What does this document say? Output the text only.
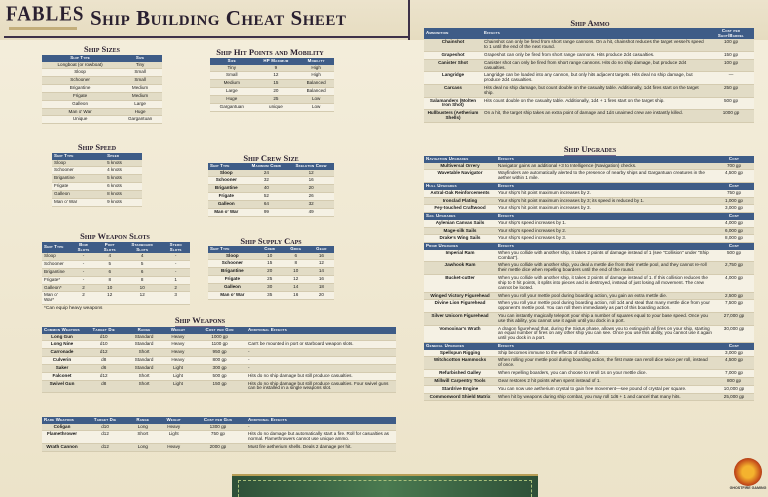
FABLES Ship Building Cheat Sheet
Ship Sizes
Ship Type	Size
Longboat (or rowboat)	Tiny
Sloop	Small
Schooner	Small
Brigantine	Medium
Frigate	Medium
Galleon	Large
Man o' War	Huge
Unique	Gargantuan
Ship Hit Points and Mobility
Size	HP Maximum	Mobility
Tiny	9	High
Small	12	High
Medium	15	Balanced
Large	20	Balanced
Huge	25	Low
Gargantuan	unique	Low
Ship Speed
Ship Type	Speed
Sloop	5 knots
Schooner	4 knots
Brigantine	5 knots
Frigate	6 knots
Galleon	8 knots
Man o' War	9 knots
Ship Crew Size
Ship Type	Maximum Crew	Skeleton Crew
Sloop	24	12
Schooner	32	16
Brigantine	40	20
Frigate	52	26
Galleon	64	32
Man o' War	99	49
Ship Weapon Slots
Ship Type	Bow Slots	Port Slots	Starboard Slots	Stern Slots
Sloop	-	4	4	-
Schooner	-	5	5	-
Brigantine	-	6	6	-
Frigate*	-	8	8	1
Galleon*	2	10	10	2
Man o' War*	2	12	12	3
*Can equip heavy weapons
Ship Supply Caps
Ship Type	Crew	Grog	Gear
Sloop	10	6	16
Schooner	15	8	12
Brigantine	20	10	14
Frigate	25	12	16
Galleon	30	14	18
Man o' War	35	16	20
Ship Weapons
Common Weapons	Target Die	Range	Weight	Cost per Gun	Additional Effects
Long Gun	d10	Standard	Heavy	1000 gp	
Long Nine	d10	Standard	Heavy	1100 gp	Can't be mounted in port or starboard weapon slots.
Carronade	d12	Short	Heavy	950 gp	-
Culverin	d8	Standard	Heavy	800 gp	-
Saker	d6	Standard	Light	300 gp	-
Falconet	d12	Short	Light	500 gp	Hits do no ship damage but still produce casualties.
Swivel Gun	d8	Short	Light	150 gp	Hits do no ship damage but still produce casualties. Four swivel guns can be installed in a single weapons slot.
Rare Weapons	Target Die	Range	Weight	Cost per Gun	Additional Effects
Coligan	d10	Long	Heavy	1300 gp	-
Flamethrower	d12	Short	Light	750 gp	Hits do no damage but automatically start a fire. Roll for casualties as normal. Flamethrowers cannot use unique ammo.
Wrath Cannon	d12	Long	Heavy	2000 gp	Must fire aetherium shells. Deals 2 damage per hit.
Ship Ammo
Ammunition	Effects	Cost per Shot/Barrel
Chainshot	Chainshot can only be fired from short range cannons. On a hit, chainshot reduces the target vessel's speed to 1 until the end of the next round.	100 gp
Grapeshot	Grapeshot can only be fired from short range cannons. Hits produce 2d4 casualties.	150 gp
Canister Shot	Canister shot can only be fired from short range cannons. Hits do no ship damage, but produce 2d4 casualties.	100 gp
Langridge	Langridge can be loaded into any cannon, but only hits adjacent targets. Hits deal no ship damage, but produce 2d4 casualties.	—
Carcass	Hits deal no ship damage, but count double on the casualty table. Additionally, 1d4 fires start on the target ship.	250 gp
Salamanders (Molten Iron Shot)	Hits count double on the casualty table. Additionally, 1d4 + 1 fires start on the target ship.	500 gp
Hullbusters (Aetherium Shells)	On a hit, the target ship takes an extra point of damage and 1d4 unaimed crew are instantly killed.	1000 gp
Ship Upgrades
Navigation Upgrades	Effects	Cost
Multiversal Orrery	Navigator gains an additional +3 to Intelligence (Navigation) checks.	700 gp
Wavetable Navigator	Wayfinders are automatically alerted to the presence of nearby ships and Gargantuan creatures in the aether within 1 mile.	4,500 gp
Hull Upgrades	Effects	Cost
Astral-Oak Reinforcements	Your ship's hit point maximum increases by 2.	750 gp
Ironclad Plating	Your ship's hit point maximum increases by 3; its speed is reduced by 1.	1,000 gp
Fey-touched Craftwood	Your ship's hit point maximum increases by 3.	3,000 gp
Sail Upgrades	Effects	Cost
Aylenian Canvas Sails	Your ship's speed increases by 1.	4,000 gp
Mage-silk Sails	Your ship's speed increases by 2.	6,000 gp
Drake's Wing Sails	Your ship's speed increases by 3.	8,000 gp
Prow Upgrades	Effects	Cost
Imperial Ram	When you collide with another ship, it takes 2 points of damage instead of 1 (see "Collision" under "Ship Combat").	500 gp
Jawhook Ram	When you collide with another ship, you deal a mettle die from their mettle pool, and they cannot re-roll their mettle dice when repelling boarders until the end of the round.	2,750 gp
Bucket-cutter	When you collide with another ship, it takes 2 points of damage instead of 1. If this collision reduces the ship to 0 hit points, it splits into pieces and is destroyed, instead of just losing all movement. The crew cannot be looted.	4,000 gp
Winged Victory Figurehead	When you roll your mettle pool during boarding action, you gain an extra mettle die.	2,500 gp
Divine Lion Figurehead	When you roll your mettle pool during boarding action, roll 1d4 and steal that many mettle dice from your opponent's mettle pool. You can roll them immediately as part of this boarding action.	7,500 gp
Silver Unicorn Figurehead	You can instantly magically teleport your ship a number of squares equal to your base speed. Once you use this ability, you cannot use it again until you dock in a port.	27,000 gp
Vomoxinar's Wrath	A dragon figurehead that, during the Sixtus phase, allows you to extinguish all fires on your ship, starting an equal number of fires on any other ship you can see. Once you use this ability, you cannot use it again until you dock in a port.	30,000 gp
General Upgrades	Effects	Cost
Spellspun Rigging	Ship becomes immune to the effects of chainshot.	3,000 gp
Witchcotton Hammocks	When rolling your mettle pool during boarding action, the first mate can reroll dice twice per roll, instead of once.	4,500 gp
Refurbished Galley	When repelling boarders, you can choose to reroll 1s on your mettle dice.	7,000 gp
Millwill Carpentry Tools	Gear restores 2 hit points when spent instead of 1.	800 gp
Stardrive Engine	You can now use aetherium crystal to gain free movement—see pound of crystal per square.	10,000 gp
Commonword Shield Matrix	When hit by weapons during ship combat, you may roll 1d6 + 1 and cancel that many hits.	25,000 gp
GHOSTFIRE GAMING
